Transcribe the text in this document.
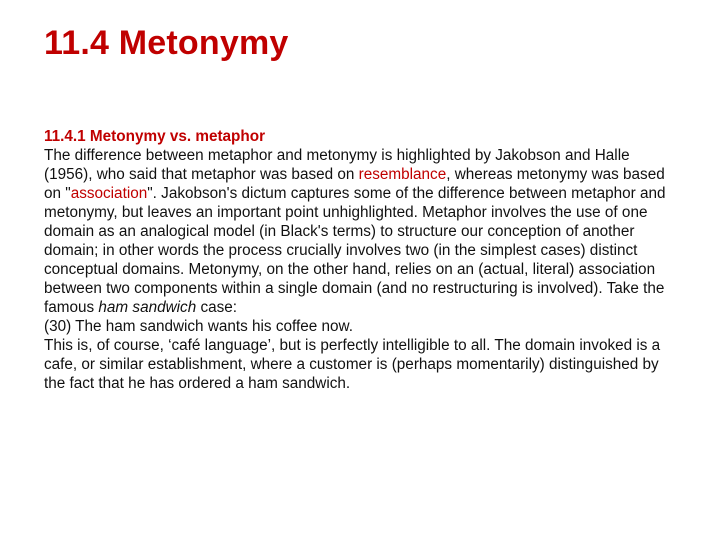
11.4 Metonymy

11.4.1 Metonymy vs. metaphor

The difference between metaphor and metonymy is highlighted by Jakobson and Halle (1956), who said that metaphor was based on resemblance, whereas metonymy was based on "association". Jakobson's dictum captures some of the difference between metaphor and metonymy, but leaves an important point unhighlighted. Metaphor involves the use of one domain as an analogical model (in Black's terms) to structure our conception of another domain; in other words the process crucially involves two (in the simplest cases) distinct conceptual domains. Metonymy, on the other hand, relies on an (actual, literal) association between two components within a single domain (and no restructuring is involved). Take the famous ham sandwich case:

(30) The ham sandwich wants his coffee now.

This is, of course, ‘café language’, but is perfectly intelligible to all. The domain invoked is a cafe, or similar establishment, where a customer is (perhaps momentarily) distinguished by the fact that he has ordered a ham sandwich.
